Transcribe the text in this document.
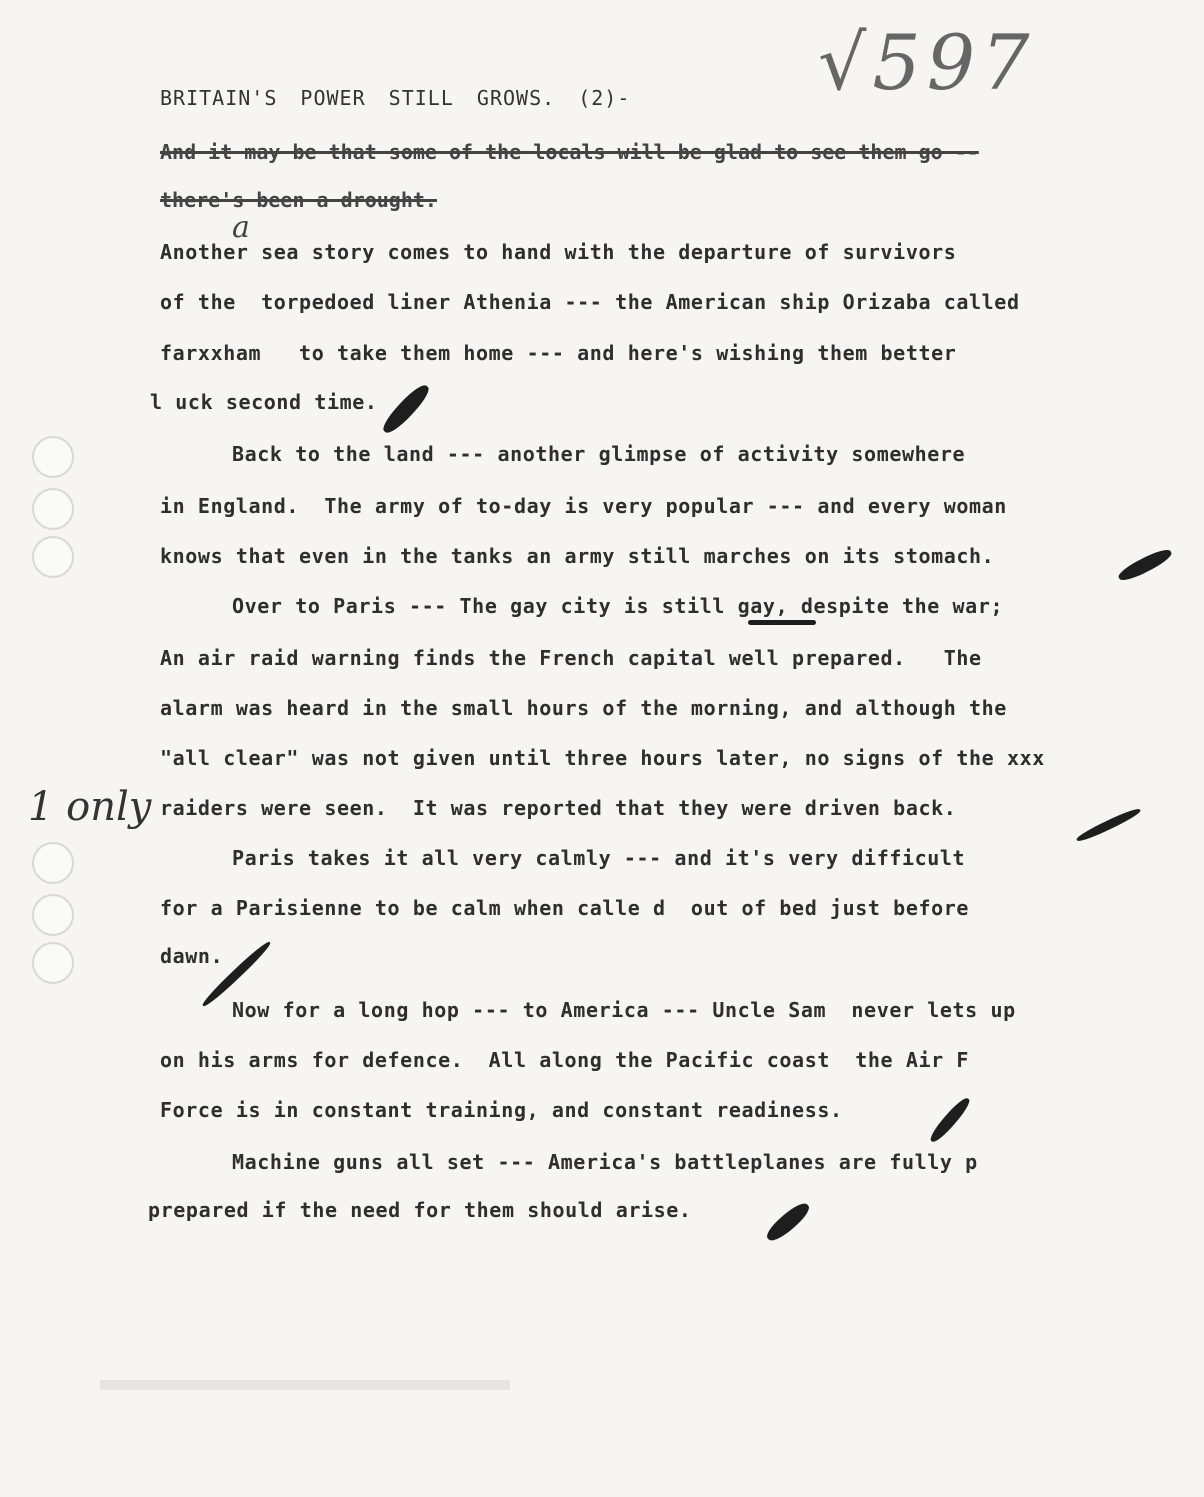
√597
BRITAIN'S POWER STILL GROWS. (2)-
And it may be that some of the locals will be glad to see them go --
there's been a drought.
a
1 only
Another sea story comes to hand with the departure of survivors
of the  torpedoed liner Athenia --- the American ship Orizaba called
farxxham   to take them home --- and here's wishing them better
l uck second time.
Back to the land --- another glimpse of activity somewhere
in England.  The army of to-day is very popular --- and every woman
knows that even in the tanks an army still marches on its stomach.
Over to Paris --- The gay city is still gay, despite the war;
An air raid warning finds the French capital well prepared.   The
alarm was heard in the small hours of the morning, and although the
"all clear" was not given until three hours later, no signs of the xxx
raiders were seen.  It was reported that they were driven back.
Paris takes it all very calmly --- and it's very difficult
for a Parisienne to be calm when calle d  out of bed just before
dawn.
Now for a long hop --- to America --- Uncle Sam  never lets up
on his arms for defence.  All along the Pacific coast  the Air F
Force is in constant training, and constant readiness.
Machine guns all set --- America's battleplanes are fully p
prepared if the need for them should arise.
